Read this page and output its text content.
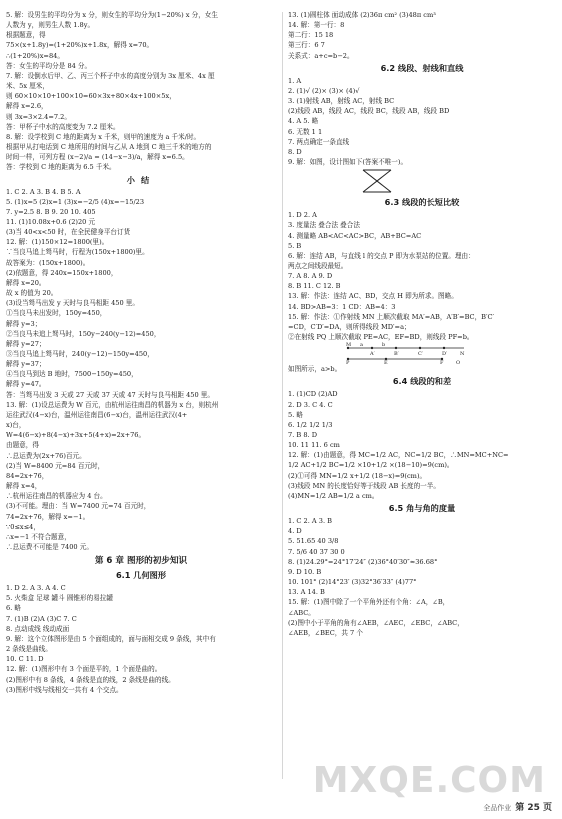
5. 解：设男生的平均分为 x 分，则女生的平均分为(1−20%) x 分，女生
人数为 y，则男生人数 1.8y。
根据题意，得
75×(x+1.8y)=(1+20%)x+1.8x，解得 x=70。
∴(1+20%)x=84。
答：女生的平均分是 84 分。
7. 解：设倒水后甲、乙、丙三个杯子中水的高度分别为 3x 厘米、4x 厘
米、5x 厘米，
则 60×10×10+100×10=60×3x+80×4x+100×5x，
解得 x=2.6，
则 3x=3×2.4=7.2。
答：甲杯子中水的高度变为 7.2 厘米。
8. 解：设学校到 C 地的距离为 x 千米，则甲的速度为 a 千米/时。
根据甲从打电话到 C 地所用的时间与乙从 A 地到 C 地三千米的地方的
时间一样，可列方程 (x−2)/a = (14−x−3)/a，解得 x=6.5。
答：学校到 C 地的距离为 6.5 千米。
小结
1. C 2. A 3. B 4. B 5. A
5. (1)x=5 (2)x=1 (3)x=−2/5 (4)x=−15/23
7. y=2.5 8. B 9. 20 10. 405
11. (1)10.08x+0.6 (2)20 元
(3)当 40<x<50 时，在全民健身平台订货
12. 解：(1)150×12=1800(里)。
∵当良马追上驽马时，行程为(150x+1800)里。
故答案为：(150x+1800)。
(2)依题意，得 240x=150x+1800，
解得 x=20。
故 x 的值为 20。
(3)设当驽马出发 y 天时与良马相距 450 里。
①当良马未出发时，150y=450，
解得 y=3；
②当良马未追上驽马时，150y−240(y−12)=450，
解得 y=27；
③当良马追上驽马时，240(y−12)−150y=450，
解得 y=37；
④当良马到达 B 地时，7500−150y=450，
解得 y=47。
答：当驽马出发 3 天或 27 天或 37 天或 47 天时与良马相距 450 里。
13. 解：(1)设总运费为 W 百元，由杭州运往南昌的机器为 x 台，则杭州
运往武汉(4−x)台，温州运往南昌(6−x)台，温州运往武汉(4+
x)台，
W=4(6−x)+8(4−x)+3x+5(4+x)=2x+76。
由题意，得
∴总运费为(2x+76)百元。
(2)当 W=8400 元=84 百元时，
84=2x+76，
解得 x=4，
∴杭州运往南昌的机器应为 4 台。
(3)不可能。理由：当 W=7400 元=74 百元时，
74=2x+76，解得 x=−1。
∵0≤x≤4，
∴x=−1 不符合题意，
∴总运费不可能是 7400 元。
第 6 章 图形的初步知识
6.1 几何图形
1. D 2. A 3. A 4. C
5. 火柴盒 足球 罐斗 圆锥形的易拉罐
6. 略
7. (1)B (2)A (3)C 7. C
8. 点动成线 线动成面
9. 解：这个立体图形是由 5 个面组成的，面与面相交成 9 条线，其中有
2 条线是曲线。
10. C 11. D
12. 解：(1)图形中有 3 个面是平的，1 个面是曲的。
(2)图形中有 8 条线，4 条线是直的线，2 条线是曲的线。
(3)图形中线与线相交一共有 4 个交点。
13. (1)圆柱体 面动成体 (2)36π cm² (3)48π cm³
14. 解：第一行：8
第二行：15 18
第三行：6 7
关系式：a+c=b−2。
6.2 线段、射线和直线
1. A
2. (1)√ (2)× (3)× (4)√
3. (1)射线 AB，射线 AC，射线 BC
(2)线段 AB，线段 AC，线段 BC，线段 AB，线段 BD
4. A 5. 略
6. 无数 1 1
7. 两点确定一条直线
8. D
9. 解：如图，设计图如下(答案不唯一)。
6.3 线段的长短比较
1. D 2. A
3. 度量法 叠合法 叠合法
4. 测量略 AB<AC<AC>BC，AB+BC=AC
5. B
6. 解：连结 AB，与直线 l 的交点 P 即为水泵站的位置。理由：
两点之间线段最短。
7. A 8. A 9. D
8. B 11. C 12. B
13. 解：作法：连结 AC、BD，交点 H 即为所求。图略。
14. BD>AB=3：1 CD：AB=4：3
15. 解：作法：①作射线 MN 上顺次截取 MA′=AB，A′B′=BC，B′C′
=CD，C′D′=DA，则所得线段 MD′=a；
②在射线 PQ 上顺次截取 PE=AC，EF=BD，则线段 PF=b。
M a	b
A′	B′	C′	D′	N
P	E	F	Q
如图所示，a>b。
6.4 线段的和差
1. (1)CD (2)AD
2. D 3. C 4. C
5. 略
6. 1/2 1/2 1/3
7. B 8. D
10. 11 11. 6 cm
12. 解：(1)由题意，得 MC=1/2 AC，NC=1/2 BC，∴MN=MC+NC=
1/2 AC+1/2 BC=1/2 ×10+1/2 ×(18−10)=9(cm)。
(2)①可得 MN=1/2 x+1/2 (18−x)=9(cm)。
(3)线段 MN 的长度恰好等于线段 AB 长度的一半。
(4)MN=1/2 AB=1/2 a cm。
6.5 角与角的度量
1. C 2. A 3. B
4. D
5. 51.65 40 3/8
7. 5/6 40 37 30 0
8. (1)24.29°=24°17′24″ (2)36°40′30″≈36.68°
9. D 10. B
10. 101° (2)14°23′ (3)32°36′33″ (4)77°
13. A 14. B
15. 解：(1)图中除了一个平角外还有个角：∠A，∠B，
∠ABC。
(2)图中小于平角的角有∠AEB，∠AEC，∠EBC，∠ABC，
∠AEB，∠BEC，共 7 个
MXQE.COM
全品作业 第 25 页
